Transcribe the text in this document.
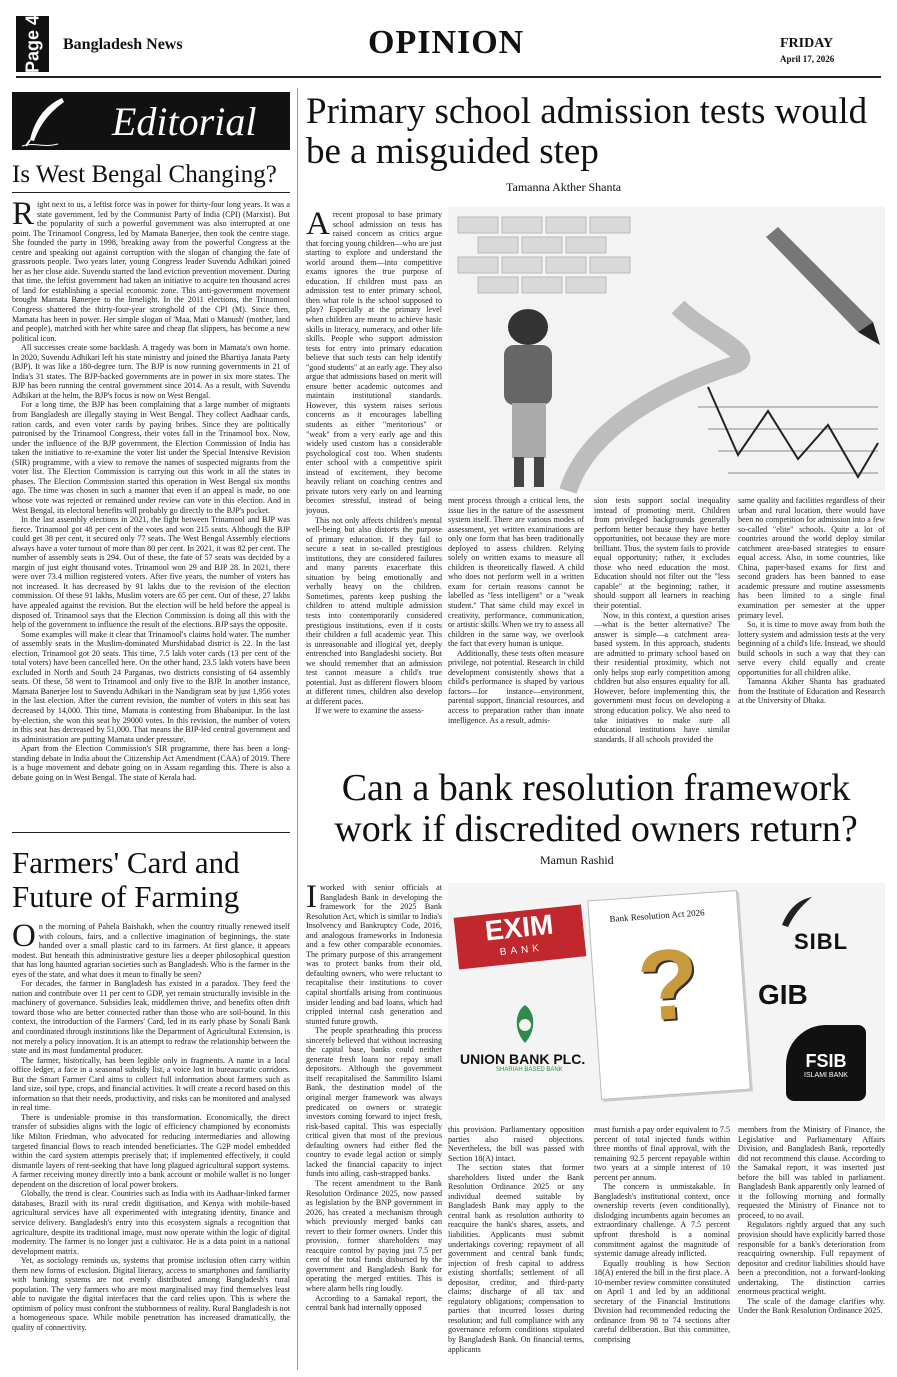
Page 4 Bangladesh News	OPINION	FRIDAY
April 17, 2026
Editorial
Is West Bengal Changing?

Right next to us, a leftist force was in power for thirty-four long years. It was a state government, led by the Communist Party of India (CPI) (Marxist). But the popularity of such a powerful government was also interrupted at one point. The Trinamool Congress, led by Mamata Banerjee, then took the centre stage. She founded the party in 1998, breaking away from the powerful Congress at the centre and speaking out against corruption with the slogan of changing the fate of grassroots people. Two years later, young Congress leader Suvendu Adhikari joined her as her close aide. Suvendu started the land eviction prevention movement. During that time, the leftist government had taken an initiative to acquire ten thousand acres of land for establishing a special economic zone. This anti-government movement brought Mamata Banerjee to the limelight. In the 2011 elections, the Trinamool Congress shattered the thirty-four-year stronghold of the CPI (M). Since then, Mamata has been in power. Her simple slogan of 'Maa, Mati o Manush' (mother, land and people), matched with her white saree and cheap flat slippers, has become a new political icon.

All successes create some backlash. A tragedy was born in Mamata's own home. In 2020, Suvendu Adhikari left his state ministry and joined the Bhartiya Janata Party (BJP). It was like a 180-degree turn. The BJP is now running governments in 21 of India's 31 states. The BJP-backed governments are in power in six more states. The BJP has been running the central government since 2014. As a result, with Suvendu Adhikari at the helm, the BJP's focus is now on West Bengal.

For a long time, the BJP has been complaining that a large number of migrants from Bangladesh are illegally staying in West Bengal. They collect Aadhaar cards, ration cards, and even voter cards by paying bribes. Since they are politically patronised by the Trinamool Congress, their votes fall in the Trinamool box. Now, under the influence of the BJP government, the Election Commission of India has taken the initiative to re-examine the voter list under the Special Intensive Revision (SIR) programme, with a view to remove the names of suspected migrants from the voter list. The Election Commission is carrying out this work in all the states in phases. The Election Commission started this operation in West Bengal six months ago. The time was chosen in such a manner that even if an appeal is made, no one whose vote was rejected or remained under review can vote in this election. And in West Bengal, its electoral benefits will probably go directly to the BJP's pocket.

In the last assembly elections in 2021, the fight between Trinamool and BJP was fierce. Trinamool got 48 per cent of the votes and won 215 seats. Although the BJP could get 38 per cent, it secured only 77 seats. The West Bengal Assembly elections always have a voter turnout of more than 80 per cent. In 2021, it was 82 per cent. The number of assembly seats is 294. Out of these, the fate of 57 seats was decided by a margin of just eight thousand votes. Trinamool won 29 and BJP 28. In 2021, there were over 73.4 million registered voters. After five years, the number of voters has not increased. It has decreased by 91 lakhs due to the revision of the election commission. Of these 91 lakhs, Muslim voters are 65 per cent. Out of these, 27 lakhs have appealed against the revision. But the election will be held before the appeal is disposed of. Trinamool says that the Election Commission is doing all this with the help of the government to influence the result of the elections. BJP says the opposite.

Some examples will make it clear that Trinamool's claims hold water. The number of assembly seats in the Muslim-dominated Murshidabad district is 22. In the last election, Trinamool got 20 seats. This time, 7.5 lakh voter cards (13 per cent of the total voters) have been cancelled here. On the other hand, 23.5 lakh voters have been excluded in North and South 24 Parganas, two districts consisting of 64 assembly seats. Of these, 58 went to Trinamool and only five to the BJP. In another instance, Mamata Banerjee lost to Suvendu Adhikari in the Nandigram seat by just 1,956 votes in the last election. After the current revision, the number of voters in this seat has decreased by 14,000. This time, Mamata is contesting from Bhabanipur. In the last by-election, she won this seat by 29000 votes. In this revision, the number of voters in this seat has decreased by 51,000. That means the BJP-led central government and its administration are putting Mamata under pressure.

Apart from the Election Commission's SIR programme, there has been a long-standing debate in India about the Citizenship Act Amendment (CAA) of 2019. There is a huge movement and debate going on in Assam regarding this. There is also a debate going on in West Bengal. The state of Kerala had.

Farmers' Card and Future of Farming

On the morning of Pahela Baishakh, when the country ritually renewed itself with colours, fairs, and a collective imagination of beginnings, the state handed over a small plastic card to its farmers. At first glance, it appears modest. But beneath this administrative gesture lies a deeper philosophical question that has long haunted agrarian societies such as Bangladesh. Who is the farmer in the eyes of the state, and what does it mean to finally be seen?

For decades, the farmer in Bangladesh has existed in a paradox. They feed the nation and contribute over 11 per cent to GDP, yet remain structurally invisible in the machinery of governance. Subsidies leak, middlemen thrive, and benefits often drift toward those who are better connected rather than those who are soil-bound. In this context, the introduction of the Farmers' Card, led in its early phase by Sonali Bank and coordinated through institutions like the Department of Agricultural Extension, is not merely a policy innovation. It is an attempt to redraw the relationship between the state and its most fundamental producer.

The farmer, historically, has been legible only in fragments. A name in a local office ledger, a face in a seasonal subsidy list, a voice lost in bureaucratic corridors. But the Smart Farmer Card aims to collect full information about farmers such as land size, soil type, crops, and financial activities. It will create a record based on this information so that their needs, productivity, and risks can be monitored and analysed in real time.

There is undeniable promise in this transformation. Economically, the direct transfer of subsidies aligns with the logic of efficiency championed by economists like Milton Friedman, who advocated for reducing intermediaries and allowing targeted financial flows to reach intended beneficiaries. The G2P model embedded within the card system attempts precisely that; if implemented effectively, it could dismantle layers of rent-seeking that have long plagued agricultural support systems. A farmer receiving money directly into a bank account or mobile wallet is no longer dependent on the discretion of local power brokers.

Globally, the trend is clear. Countries such as India with its Aadhaar-linked farmer databases, Brazil with its rural credit digitisation, and Kenya with mobile-based agricultural services have all experimented with integrating identity, finance and service delivery. Bangladesh's entry into this ecosystem signals a recognition that agriculture, despite its traditional image, must now operate within the logic of digital modernity. The farmer is no longer just a cultivator. He is a data point in a national development matrix.

Yet, as sociology reminds us, systems that promise inclusion often carry within them new forms of exclusion. Digital literacy, access to smartphones and familiarity with banking systems are not evenly distributed among Bangladesh's rural population. The very farmers who are most marginalised may find themselves least able to navigate the digital interfaces that the card relies upon. This is where the optimism of policy must confront the stubbornness of reality. Rural Bangladesh is not a homogeneous space. While mobile penetration has increased dramatically, the quality of connectivity.

Primary school admission tests would be a misguided step
Tamanna Akther Shanta

A recent proposal to base primary school admission on tests has raised concern as critics argue that forcing young children—who are just starting to explore and understand the world around them—into competitive exams ignores the true purpose of education. If children must pass an admission test to enter primary school, then what role is the school supposed to play? Especially at the primary level when children are meant to achieve basic skills in literacy, numeracy, and other life skills. People who support admission tests for entry into primary education believe that such tests can help identify "good students" at an early age. They also argue that admissions based on merit will ensure better academic outcomes and maintain institutional standards. However, this system raises serious concerns as it encourages labelling students as either "meritorious" or "weak" from a very early age and this widely used custom has a considerable psychological cost too. When students enter school with a competitive spirit instead of excitement, they become heavily reliant on coaching centres and private tutors very early on and learning becomes stressful, instead of being joyous.

This not only affects children's mental well-being but also distorts the purpose of primary education. If they fail to secure a seat in so-called prestigious institutions, they are considered failures and many parents exacerbate this situation by being emotionally and verbally heavy on the children. Sometimes, parents keep pushing the children to attend multiple admission tests into contemporarily considered prestigious institutions, even if it costs their children a full academic year. This is unreasonable and illogical yet, deeply entrenched into Bangladeshi society. But we should remember that an admission test cannot measure a child's true potential. Just as different flowers bloom at different times, children also develop at different paces.

If we were to examine the assess-

ment process through a critical lens, the issue lies in the nature of the assessment system itself. There are various modes of assessment, yet written examinations are only one form that has been traditionally deployed to assess children. Relying solely on written exams to measure all children is theoretically flawed. A child who does not perform well in a written exam for certain reasons cannot be labelled as "less intelligent" or a "weak student." That same child may excel in creativity, performance, communication, or artistic skills. When we try to assess all children in the same way, we overlook the fact that every human is unique.

Additionally, these tests often measure privilege, not potential. Research in child development consistently shows that a child's performance is shaped by various factors—for instance—environment, parental support, financial resources, and access to preparation rather than innate intelligence. As a result, admis-

sion tests support social inequality instead of promoting merit. Children from privileged backgrounds generally perform better because they have better opportunities, not because they are more brilliant. Thus, the system fails to provide equal opportunity; rather, it excludes those who need education the most. Education should not filter out the "less capable" at the beginning; rather, it should support all learners in reaching their potential.

Now, in this context, a question arises—what is the better alternative? The answer is simple—a catchment area-based system. In this approach, students are admitted to primary school based on their residential proximity, which not only helps stop early competition among children but also ensures equality for all. However, before implementing this, the government must focus on developing a strong education policy. We also need to take initiatives to make sure all educational institutions have similar standards. If all schools provided the

same quality and facilities regardless of their urban and rural location, there would have been no competition for admission into a few so-called "elite" schools. Quite a lot of countries around the world deploy similar catchment area-based strategies to ensure equal access. Also, in some countries, like China, paper-based exams for first and second graders has been banned to ease academic pressure and routine assessments has been limited to a single final examination per semester at the upper primary level.

So, it is time to move away from both the lottery system and admission tests at the very beginning of a child's life. Instead, we should build schools in such a way that they can serve every child equally and create opportunities for all children alike.

Tamanna Akther Shanta has graduated from the Institute of Education and Research at the University of Dhaka.

Can a bank resolution framework work if discredited owners return?
Mamun Rashid

I worked with senior officials at Bangladesh Bank in developing the framework for the 2025 Bank Resolution Act, which is similar to India's Insolvency and Bankruptcy Code, 2016, and analogous frameworks in Indonesia and a few other comparable economies. The primary purpose of this arrangement was to protect banks from their old, defaulting owners, who were reluctant to recapitalise their institutions to cover capital shortfalls arising from continuous insider lending and bad loans, which had crippled internal cash generation and stunted future growth.

The people spearheading this process sincerely believed that without increasing the capital base, banks could neither generate fresh loans nor repay small depositors. Although the government itself recapitalised the Sammilito Islami Bank, the destination model of the original merger framework was always predicated on owners or strategic investors coming forward to inject fresh, risk-based capital. This was especially critical given that most of the previous defaulting owners had either fled the country to evade legal action or simply lacked the financial capacity to inject funds into ailing, cash-strapped banks.

The recent amendment to the Bank Resolution Ordinance 2025, now passed as legislation by the BNP government in 2026, has created a mechanism through which previously merged banks can revert to their former owners. Under this provision, former shareholders may reacquire control by paying just 7.5 per cent of the total funds disbursed by the government and Bangladesh Bank for operating the merged entities. This is where alarm bells ring loudly.

According to a Samakal report, the central bank had internally opposed

EXIM
BANK
UNION BANK PLC.
SHARIAH BASED BANK
Bank Resolution Act 2026
?	SIBL
GIB
FSIB
ISLAMI BANK

this provision. Parliamentary opposition parties also raised objections. Nevertheless, the bill was passed with Section 18(A) intact.

The section states that former shareholders listed under the Bank Resolution Ordinance 2025 or any individual deemed suitable by Bangladesh Bank may apply to the central bank as resolution authority to reacquire the bank's shares, assets, and liabilities. Applicants must submit undertakings covering: repayment of all government and central bank funds; injection of fresh capital to address existing shortfalls; settlement of all depositor, creditor, and third-party claims; discharge of all tax and regulatory obligations; compensation to parties that incurred losses during resolution; and full compliance with any governance reform conditions stipulated by Bangladesh Bank. On financial terms, applicants

must furnish a pay order equivalent to 7.5 percent of total injected funds within three months of final approval, with the remaining 92.5 percent repayable within two years at a simple interest of 10 percent per annum.

The concern is unmistakable. In Bangladesh's institutional context, once ownership reverts (even conditionally), dislodging incumbents again becomes an extraordinary challenge. A 7.5 percent upfront threshold is a nominal commitment against the magnitude of systemic damage already inflicted.

Equally troubling is how Section 18(A) entered the bill in the first place. A 10-member review committee constituted on April 1 and led by an additional secretary of the Financial Institutions Division had recommended reducing the ordinance from 98 to 74 sections after careful deliberation. But this committee, comprising

members from the Ministry of Finance, the Legislative and Parliamentary Affairs Division, and Bangladesh Bank, reportedly did not recommend this clause. According to the Samakal report, it was inserted just before the bill was tabled in parliament. Bangladesh Bank apparently only learned of it the following morning and formally requested the Ministry of Finance not to proceed, to no avail.

Regulators rightly argued that any such provision should have explicitly barred those responsible for a bank's deterioration from reacquiring ownership. Full repayment of depositor and creditor liabilities should have been a precondition, not a forward-looking undertaking. The distinction carries enormous practical weight.

The scale of the damage clarifies why. Under the Bank Resolution Ordinance 2025.
